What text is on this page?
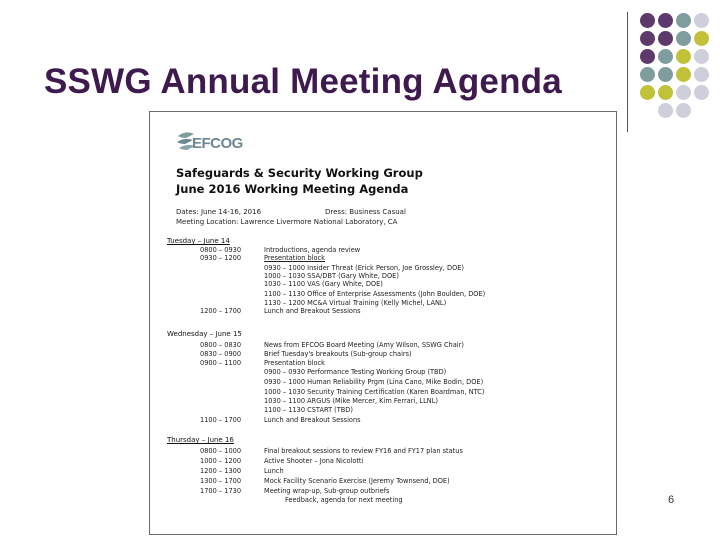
SSWG Annual Meeting Agenda
EFCOG
Safeguards & Security Working Group
June 2016 Working Meeting Agenda
Dates: June 14-16, 2016	Dress: Business Casual
Meeting Location: Lawrence Livermore National Laboratory, CA
Tuesday – June 14
0800 – 0930	Introductions, agenda review
0930 – 1200	Presentation block
0930 – 1000 Insider Threat (Erick Person, Joe Grossley, DOE)
1000 – 1030 SSA/DBT (Gary White, DOE)
1030 – 1100 VAS (Gary White, DOE)
1100 – 1130 Office of Enterprise Assessments (John Boulden, DOE)
1130 – 1200 MC&A Virtual Training (Kelly Michel, LANL)
1200 – 1700	Lunch and Breakout Sessions
Wednesday – June 15
0800 – 0830	News from EFCOG Board Meeting (Amy Wilson, SSWG Chair)
0830 – 0900	Brief Tuesday's breakouts (Sub-group chairs)
0900 – 1100	Presentation block
0900 – 0930 Performance Testing Working Group (TBD)
0930 – 1000 Human Reliability Prgm (Lina Cano, Mike Bodin, DOE)
1000 – 1030 Security Training Certification (Karen Boardman, NTC)
1030 – 1100 ARGUS (Mike Mercer, Kim Ferrari, LLNL)
1100 – 1130 CSTART (TBD)
1100 – 1700	Lunch and Breakout Sessions
Thursday – June 16
0800 – 1000	Final breakout sessions to review FY16 and FY17 plan status
1000 – 1200	Active Shooter – Jona Nicolotti
1200 – 1300	Lunch
1300 – 1700	Mock Facility Scenario Exercise (Jeremy Townsend, DOE)
1700 – 1730	Meeting wrap-up, Sub-group outbriefs
Feedback, agenda for next meeting	6
